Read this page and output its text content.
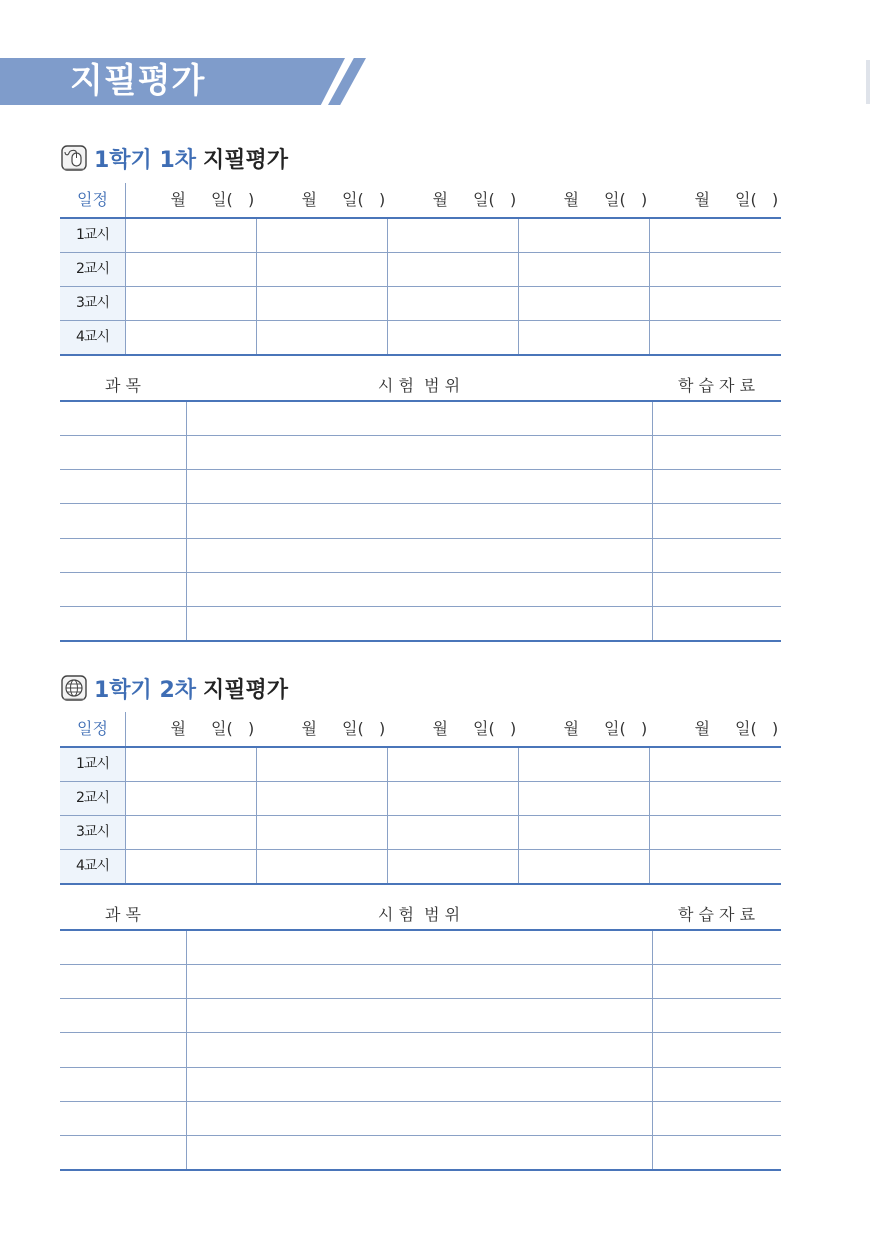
지필평가
1학기 1차 지필평가
일정	월 일(   )	월 일(   )	월 일(   )	월 일(   )	월 일(   )
1교시
2교시
3교시
4교시
과 목	시 험  범 위	학 습 자 료
1학기 2차 지필평가
일정	월 일(   )	월 일(   )	월 일(   )	월 일(   )	월 일(   )
1교시
2교시
3교시
4교시
과 목	시 험  범 위	학 습 자 료
